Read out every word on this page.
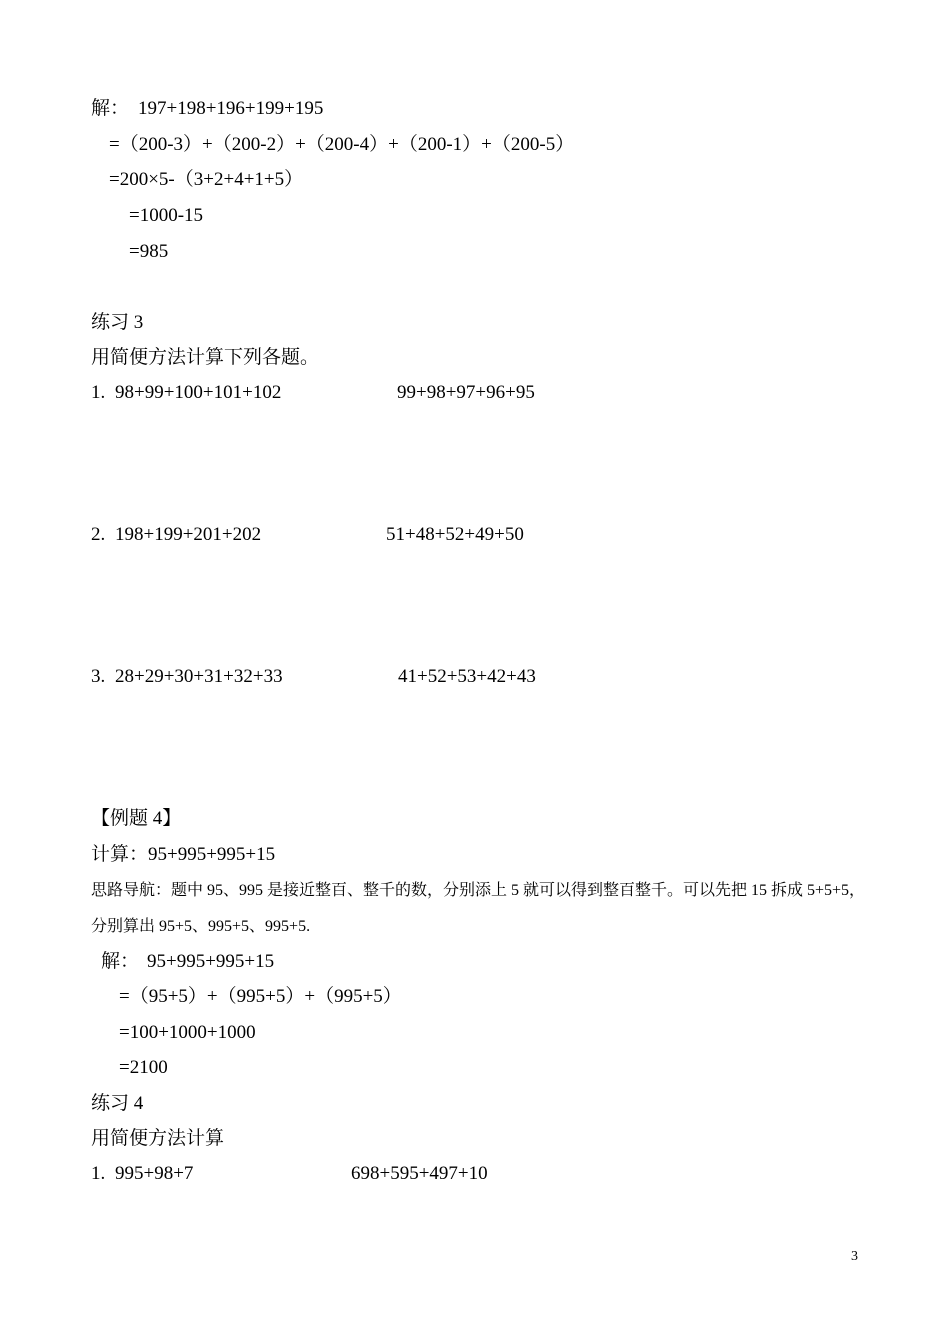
解： 197+198+196+199+195
=（200-3）+（200-2）+（200-4）+（200-1）+（200-5）
=200×5-（3+2+4+1+5）
=1000-15
=985
练习 3
用简便方法计算下列各题。
1. 98+99+100+101+102	99+98+97+96+95
2. 198+199+201+202	51+48+52+49+50
3. 28+29+30+31+32+33	41+52+53+42+43
【例题 4】
计算：95+995+995+15
思路导航：题中 95、995 是接近整百、整千的数，分别添上 5 就可以得到整百整千。可以先把 15 拆成 5+5+5，
分别算出 95+5、995+5、995+5.
解： 95+995+995+15
=（95+5）+（995+5）+（995+5）
=100+1000+1000
=2100
练习 4
用简便方法计算
1. 995+98+7	698+595+497+10
3
